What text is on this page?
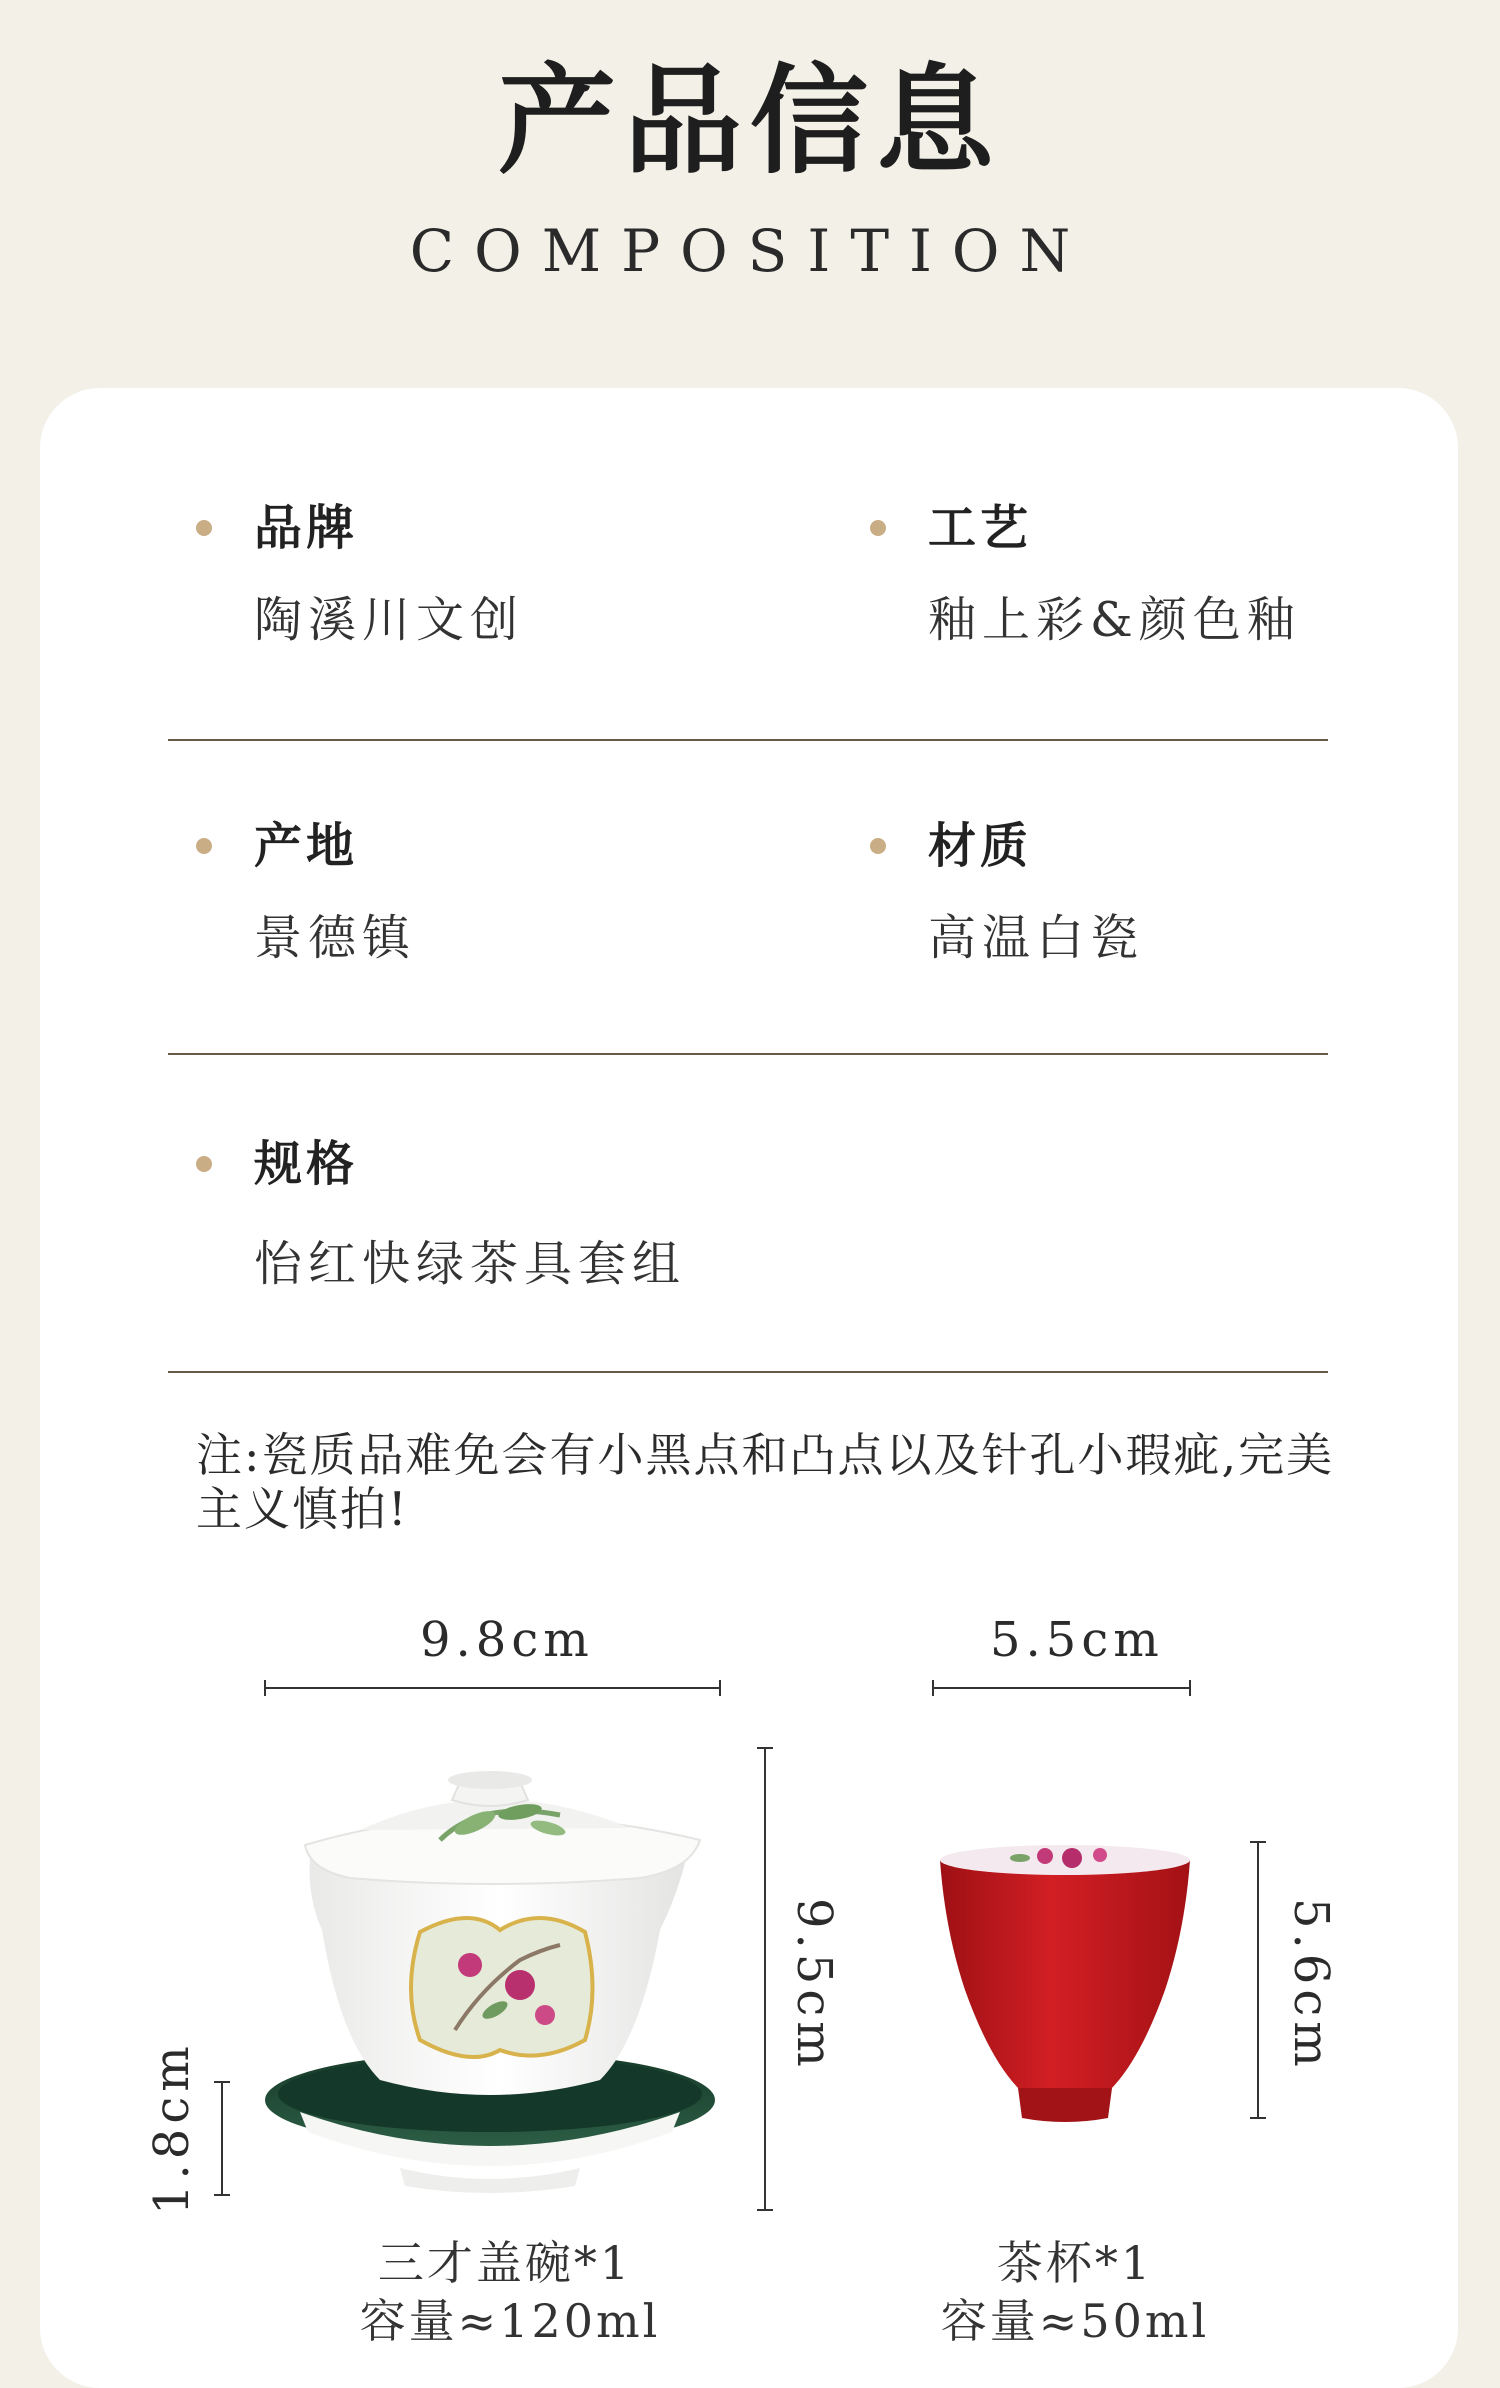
产品信息
COMPOSITION
品牌
陶溪川文创
工艺
釉上彩&颜色釉
产地
景德镇
材质
高温白瓷
规格
怡红快绿茶具套组
注:瓷质品难免会有小黑点和凸点以及针孔小瑕疵,完美主义慎拍!
9.8cm	5.5cm
9.5cm	5.6cm
1.8cm
三才盖碗*1	茶杯*1
容量≈120ml	容量≈50ml
